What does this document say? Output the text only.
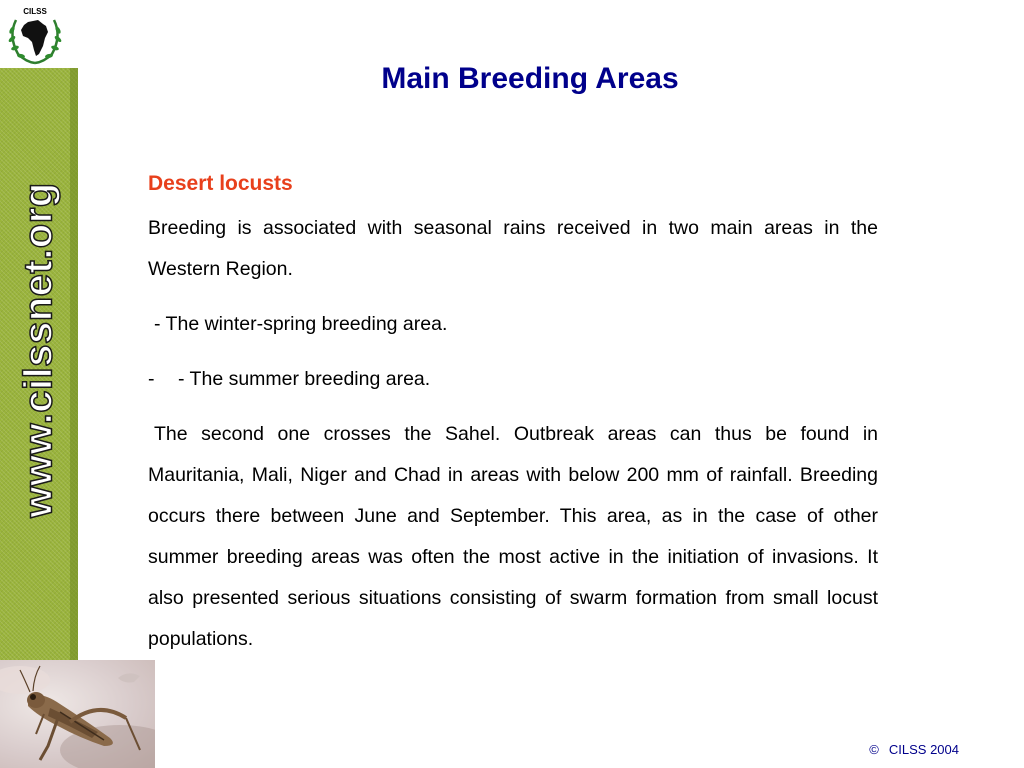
CILSS
www.cilssnet.org
Main Breeding Areas
Desert locusts

Breeding is associated with seasonal rains received in two main areas in the Western Region.

- The winter-spring breeding area.

- - The summer breeding area.

The second one crosses the Sahel. Outbreak areas can thus be found in Mauritania, Mali, Niger and Chad in areas with below 200 mm of rainfall. Breeding occurs there between June and September. This area, as in the case of other summer breeding areas was often the most active in the initiation of invasions. It also presented serious situations consisting of swarm formation from small locust populations.

© CILSS 2004
